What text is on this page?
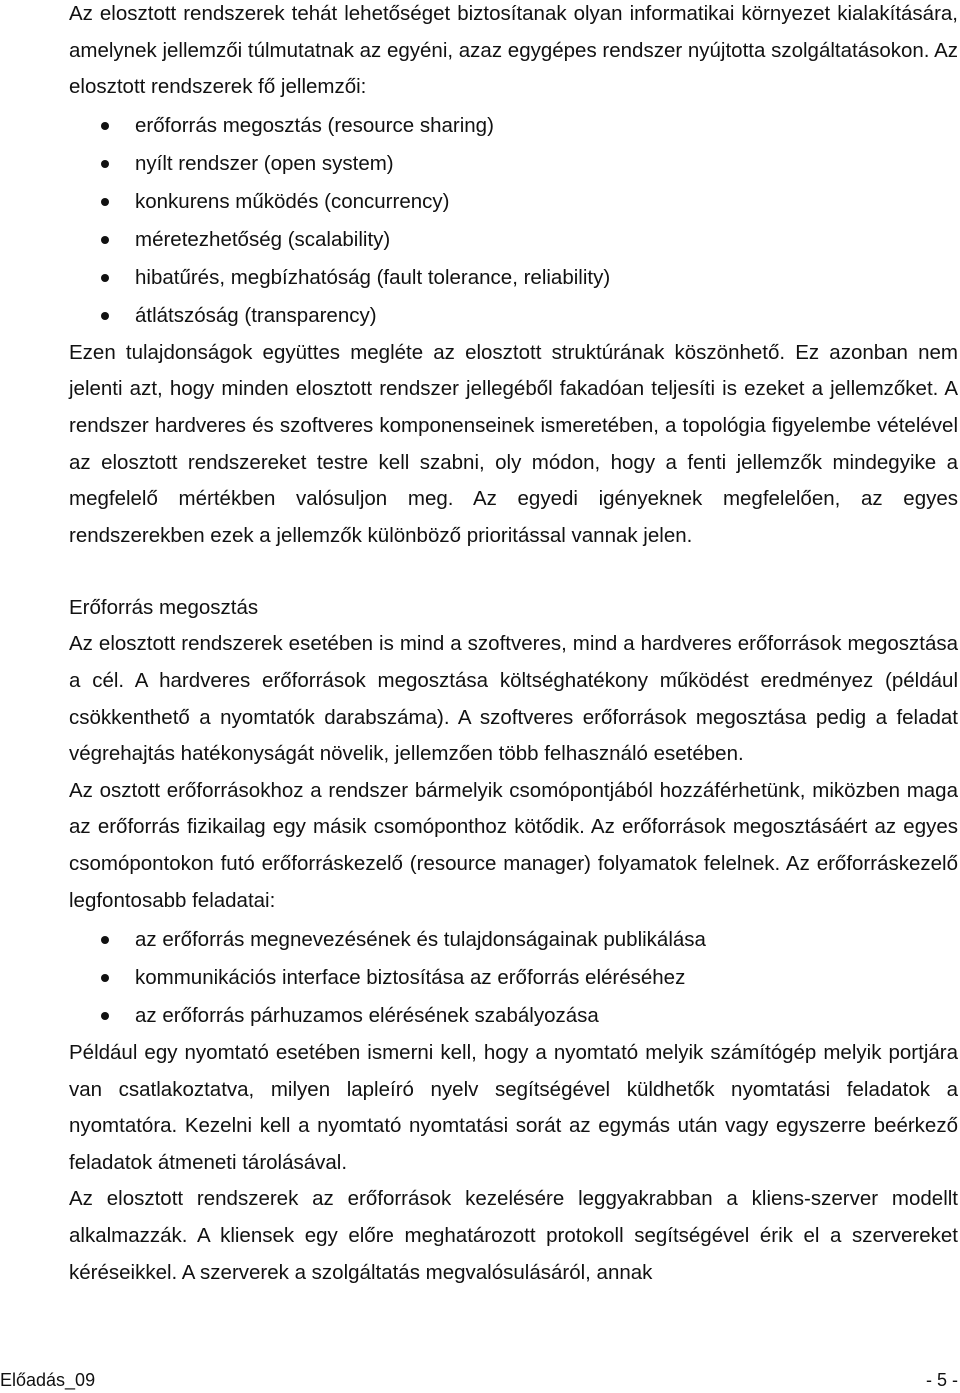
Az elosztott rendszerek tehát lehetőséget biztosítanak olyan informatikai környezet kialakítására, amelynek jellemzői túlmutatnak az egyéni, azaz egygépes rendszer nyújtotta szolgáltatásokon. Az elosztott rendszerek fő jellemzői:

erőforrás megosztás (resource sharing)
nyílt rendszer (open system)
konkurens működés (concurrency)
méretezhetőség (scalability)
hibatűrés, megbízhatóság (fault tolerance, reliability)
átlátszóság (transparency)

Ezen tulajdonságok együttes megléte az elosztott struktúrának köszönhető. Ez azonban nem jelenti azt, hogy minden elosztott rendszer jellegéből fakadóan teljesíti is ezeket a jellemzőket. A rendszer hardveres és szoftveres komponenseinek ismeretében, a topológia figyelembe vételével az elosztott rendszereket testre kell szabni, oly módon, hogy a fenti jellemzők mindegyike a megfelelő mértékben valósuljon meg. Az egyedi igényeknek megfelelően, az egyes rendszerekben ezek a jellemzők különböző prioritással vannak jelen.

Erőforrás megosztás

Az elosztott rendszerek esetében is mind a szoftveres, mind a hardveres erőforrások megosztása a cél. A hardveres erőforrások megosztása költséghatékony működést eredményez (például csökkenthető a nyomtatók darabszáma). A szoftveres erőforrások megosztása pedig a feladat végrehajtás hatékonyságát növelik, jellemzően több felhasználó esetében.

Az osztott erőforrásokhoz a rendszer bármelyik csomópontjából hozzáférhetünk, miközben maga az erőforrás fizikailag egy másik csomóponthoz kötődik. Az erőforrások megosztásáért az egyes csomópontokon futó erőforráskezelő (resource manager) folyamatok felelnek. Az erőforráskezelő legfontosabb feladatai:

az erőforrás megnevezésének és tulajdonságainak publikálása
kommunikációs interface biztosítása az erőforrás eléréséhez
az erőforrás párhuzamos elérésének szabályozása

Például egy nyomtató esetében ismerni kell, hogy a nyomtató melyik számítógép melyik portjára van csatlakoztatva, milyen lapleíró nyelv segítségével küldhetők nyomtatási feladatok a nyomtatóra. Kezelni kell a nyomtató nyomtatási sorát az egymás után vagy egyszerre beérkező feladatok átmeneti tárolásával.

Az elosztott rendszerek az erőforrások kezelésére leggyakrabban a kliens-szerver modellt alkalmazzák. A kliensek egy előre meghatározott protokoll segítségével érik el a szervereket kéréseikkel. A szerverek a szolgáltatás megvalósulásáról, annak

Előadás_09	- 5 -
